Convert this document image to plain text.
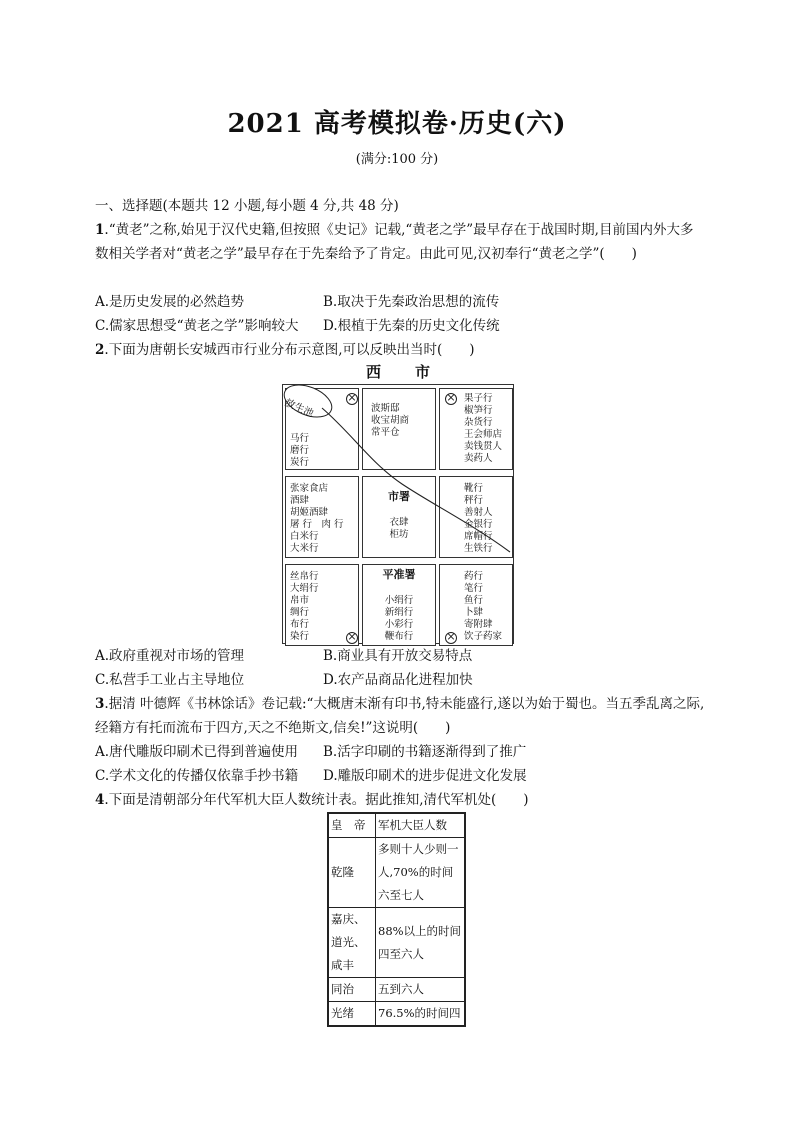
2021 高考模拟卷·历史(六)
(满分:100 分)
一、选择题(本题共 12 小题,每小题 4 分,共 48 分)

1.“黄老”之称,始见于汉代史籍,但按照《史记》记载,“黄老之学”最早存在于战国时期,目前国内外大多数相关学者对“黄老之学”最早存在于先秦给予了肯定。由此可见,汉初奉行“黄老之学”(　　)

A.是历史发展的必然趋势	B.取决于先秦政治思想的流传
C.儒家思想受“黄老之学”影响较大	D.根植于先秦的历史文化传统

2.下面为唐朝长安城西市行业分布示意图,可以反映出当时(　　)

西市
马行
磨行
炭行
×
波斯邸
收宝胡商
常平仓
果子行
椒笋行
杂货行
王会师店
卖钱贯人
卖药人
×
张家食店
酒肆
胡姬酒肆
屠 行　肉 行
白米行
大米行
市署
衣肆
柜坊
靴行
秤行
善射人
金银行
席帽行
生铁行
丝帛行
大绢行
帛市
绸行
布行
染行
×
平准署
小绢行
新绢行
小彩行
鞭布行
药行
笔行
鱼行
卜肆
寄附肆
饮子药家
×
放生池
A.政府重视对市场的管理	B.商业具有开放交易特点
C.私营手工业占主导地位	D.农产品商品化进程加快

3.据清 叶德辉《书林馀话》卷记载:“大概唐末渐有印书,特未能盛行,遂以为始于蜀也。当五季乱离之际,经籍方有托而流布于四方,天之不绝斯文,信矣!”这说明(　　)

A.唐代雕版印刷术已得到普遍使用	B.活字印刷的书籍逐渐得到了推广
C.学术文化的传播仅依靠手抄书籍	D.雕版印刷术的进步促进文化发展

4.下面是清朝部分年代军机大臣人数统计表。据此推知,清代军机处(　　)

皇　帝	军机大臣人数
乾隆	多则十人少则一人,70%的时间六至七人
嘉庆、道光、咸丰	88%以上的时间四至六人
同治	五到六人
光绪	76.5%的时间四
